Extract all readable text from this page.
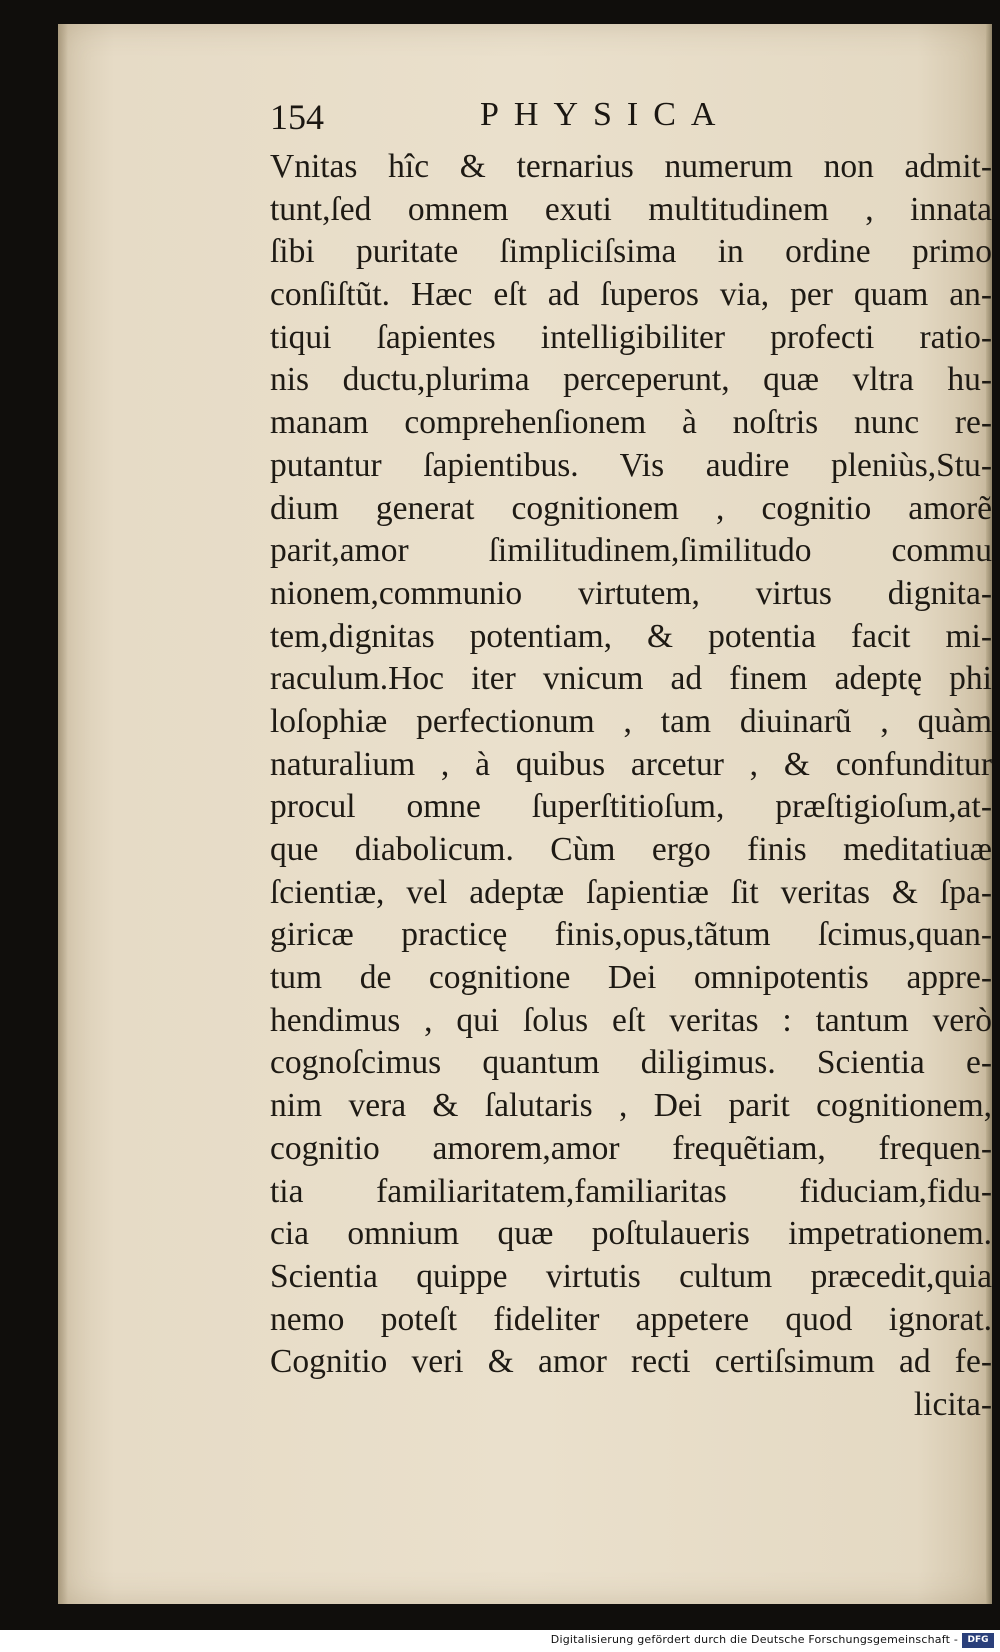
154	PHYSICA
Vnitas hîc & ternarius numerum non admit-
tunt,ſed omnem exuti multitudinem , innata
ſibi puritate ſimpliciſsima in ordine primo
conſiſtũt. Hæc eſt ad ſuperos via, per quam an-
tiqui ſapientes intelligibiliter profecti ratio-
nis ductu,plurima perceperunt, quæ vltra hu-
manam comprehenſionem à noſtris nunc re-
putantur ſapientibus. Vis audire pleniùs,Stu-
dium generat cognitionem , cognitio amorẽ
parit,amor ſimilitudinem,ſimilitudo commu
nionem,communio virtutem, virtus dignita-
tem,dignitas potentiam, & potentia facit mi-
raculum.Hoc iter vnicum ad finem adeptę phi
loſophiæ perfectionum , tam diuinarũ , quàm
naturalium , à quibus arcetur , & confunditur
procul omne ſuperſtitioſum, præſtigioſum,at-
que diabolicum. Cùm ergo finis meditatiuæ
ſcientiæ, vel adeptæ ſapientiæ ſit veritas & ſpa-
giricæ practicę finis,opus,tãtum ſcimus,quan-
tum de cognitione Dei omnipotentis appre-
hendimus , qui ſolus eſt veritas : tantum verò
cognoſcimus quantum diligimus. Scientia e-
nim vera & ſalutaris , Dei parit cognitionem,
cognitio amorem,amor frequẽtiam, frequen-
tia familiaritatem,familiaritas fiduciam,fidu-
cia omnium quæ poſtulaueris impetrationem.
Scientia quippe virtutis cultum præcedit,quia
nemo poteſt fideliter appetere quod ignorat.
Cognitio veri & amor recti certiſsimum ad fe-
licita-
Digitalisierung gefördert durch die Deutsche Forschungsgemeinschaft -	DFG
